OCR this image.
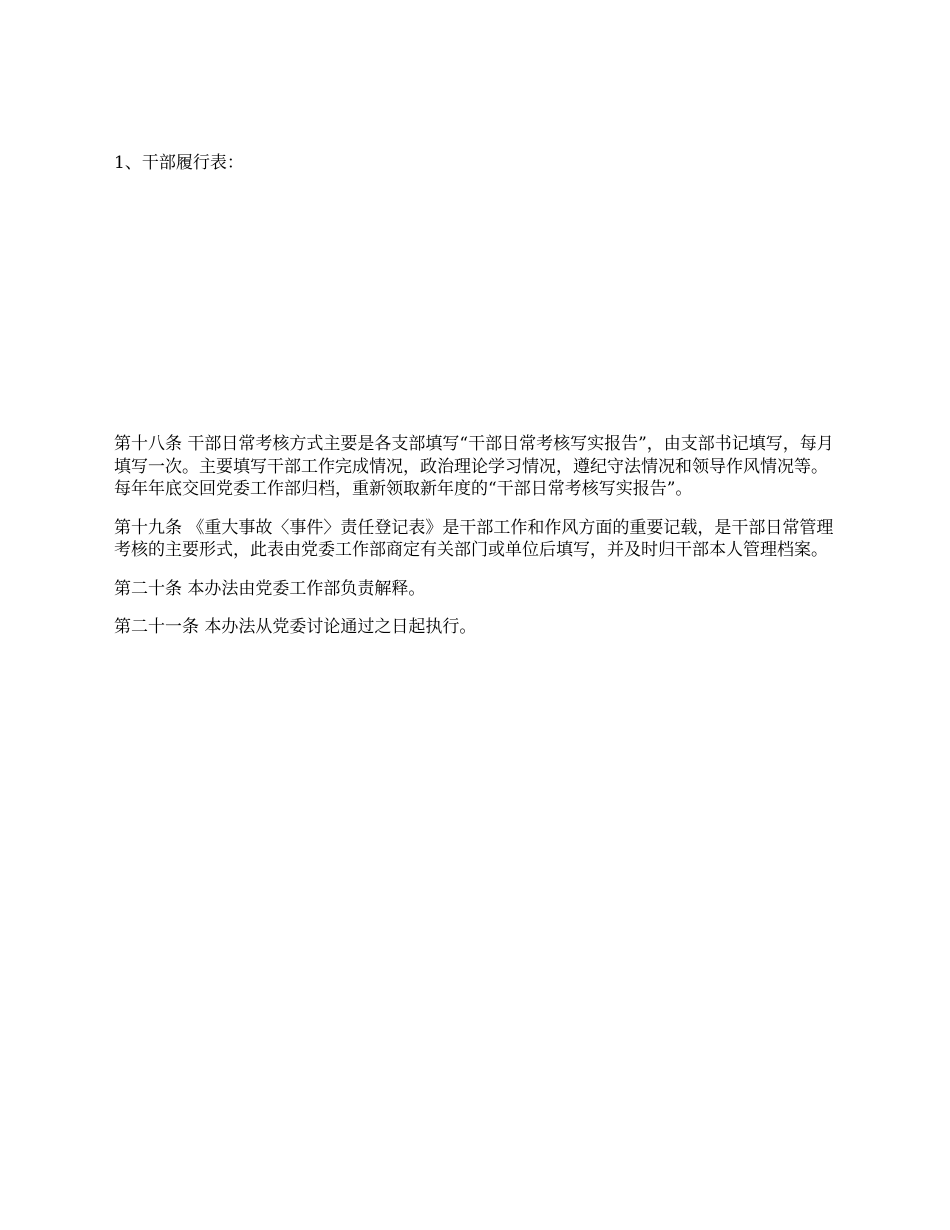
1、干部履行表：

第十八条 干部日常考核方式主要是各支部填写“干部日常考核写实报告”，由支部书记填写，每月填写一次。主要填写干部工作完成情况，政治理论学习情况，遵纪守法情况和领导作风情况等。每年年底交回党委工作部归档，重新领取新年度的“干部日常考核写实报告”。

第十九条 《重大事故〈事件〉责任登记表》是干部工作和作风方面的重要记载，是干部日常管理考核的主要形式，此表由党委工作部商定有关部门或单位后填写，并及时归干部本人管理档案。

第二十条 本办法由党委工作部负责解释。

第二十一条 本办法从党委讨论通过之日起执行。
